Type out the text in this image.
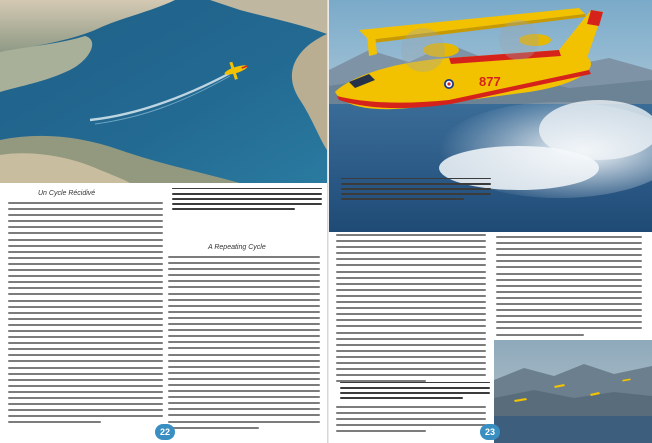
877
Un Cycle Récidivé
A Repeating Cycle
22	23
